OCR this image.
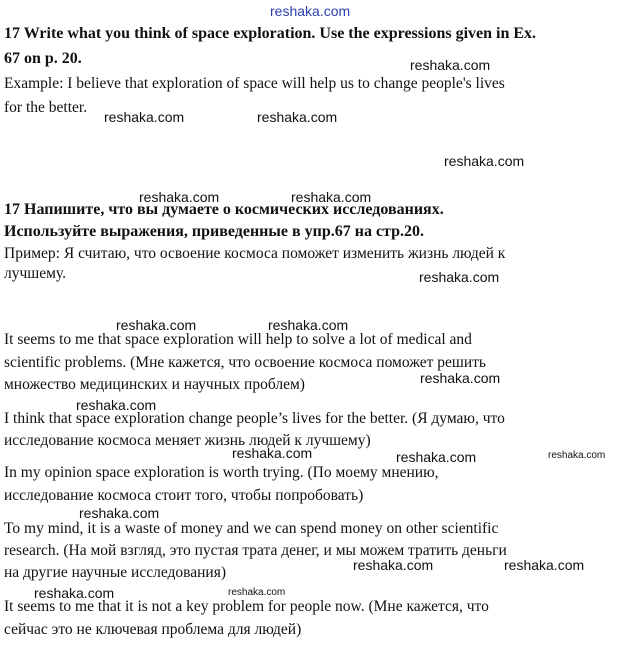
reshaka.com
reshaka.com
reshaka.com	reshaka.com
reshaka.com
reshaka.com	reshaka.com
reshaka.com
reshaka.com	reshaka.com
reshaka.com
reshaka.com
reshaka.com	reshaka.com	reshaka.com
reshaka.com
reshaka.com	reshaka.com
reshaka.com	reshaka.com

17 Write what you think of space exploration. Use the expressions given in Ex.

67 on p. 20.

Example: I believe that exploration of space will help us to change people's lives

for the better.

17 Напишите, что вы думаете о космических исследованиях.

Используйте выражения, приведенные в упр.67 на стр.20.

Пример: Я считаю, что освоение космоса поможет изменить жизнь людей к

лучшему.

It seems to me that space exploration will help to solve a lot of medical and

scientific problems. (Мне кажется, что освоение космоса поможет решить

множество медицинских и научных проблем)

I think that space exploration change people’s lives for the better. (Я думаю, что

исследование космоса меняет жизнь людей к лучшему)

In my opinion space exploration is worth trying. (По моему мнению,

исследование космоса стоит того, чтобы попробовать)

To my mind, it is a waste of money and we can spend money on other scientific

research. (На мой взгляд, это пустая трата денег, и мы можем тратить деньги

на другие научные исследования)

It seems to me that it is not a key problem for people now. (Мне кажется, что

сейчас это не ключевая проблема для людей)
